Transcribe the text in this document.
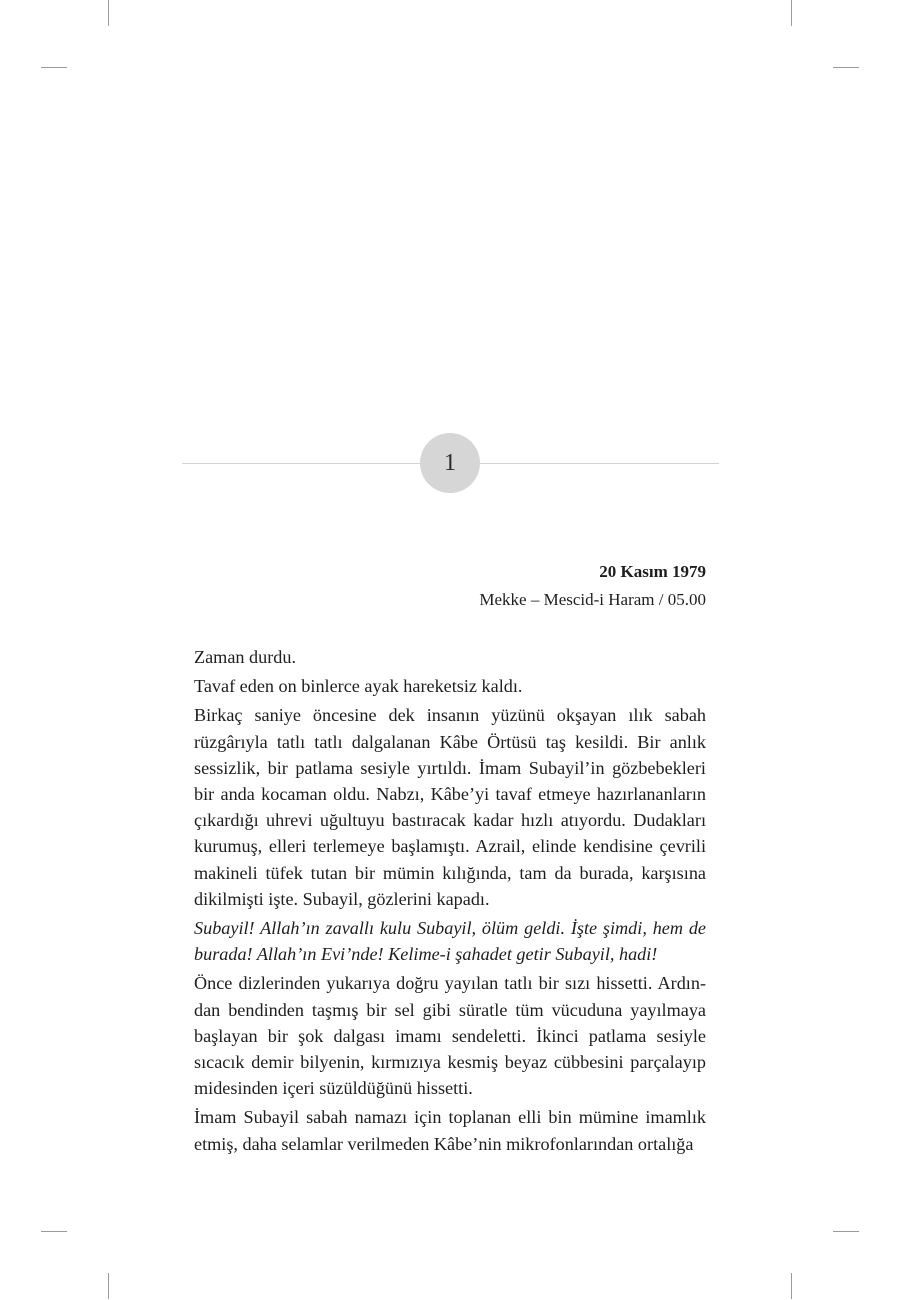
1
20 Kasım 1979
Mekke – Mescid-i Haram / 05.00

Zaman durdu.

Tavaf eden on binlerce ayak hareketsiz kaldı.

Birkaç saniye öncesine dek insanın yüzünü okşayan ılık sabah rüzgârıyla tatlı tatlı dalgalanan Kâbe Örtüsü taş kesildi. Bir anlık sessizlik, bir patlama sesiyle yırtıldı. İmam Subayil’in gözbebekleri bir anda kocaman oldu. Nabzı, Kâbe’yi tavaf etmeye hazırlananların çıkardığı uhrevi uğultuyu bastıracak kadar hızlı atıyordu. Dudakları kurumuş, elleri terlemeye başlamıştı. Azrail, elinde kendisine çevrili makineli tüfek tutan bir mümin kılığında, tam da burada, karşısına dikilmişti işte. Subayil, gözlerini kapadı.

Subayil! Allah’ın zavallı kulu Subayil, ölüm geldi. İşte şimdi, hem de burada! Allah’ın Evi’nde! Kelime-i şahadet getir Subayil, hadi!

Önce dizlerinden yukarıya doğru yayılan tatlı bir sızı hissetti. Ardından bendinden taşmış bir sel gibi süratle tüm vücuduna yayılmaya başlayan bir şok dalgası imamı sendeletti. İkinci patlama sesiyle sıcacık demir bilyenin, kırmızıya kesmiş beyaz cübbesini parçalayıp midesinden içeri süzüldüğünü hissetti.

İmam Subayil sabah namazı için toplanan elli bin mümine imamlık etmiş, daha selamlar verilmeden Kâbe’nin mikrofonlarından ortalığa
